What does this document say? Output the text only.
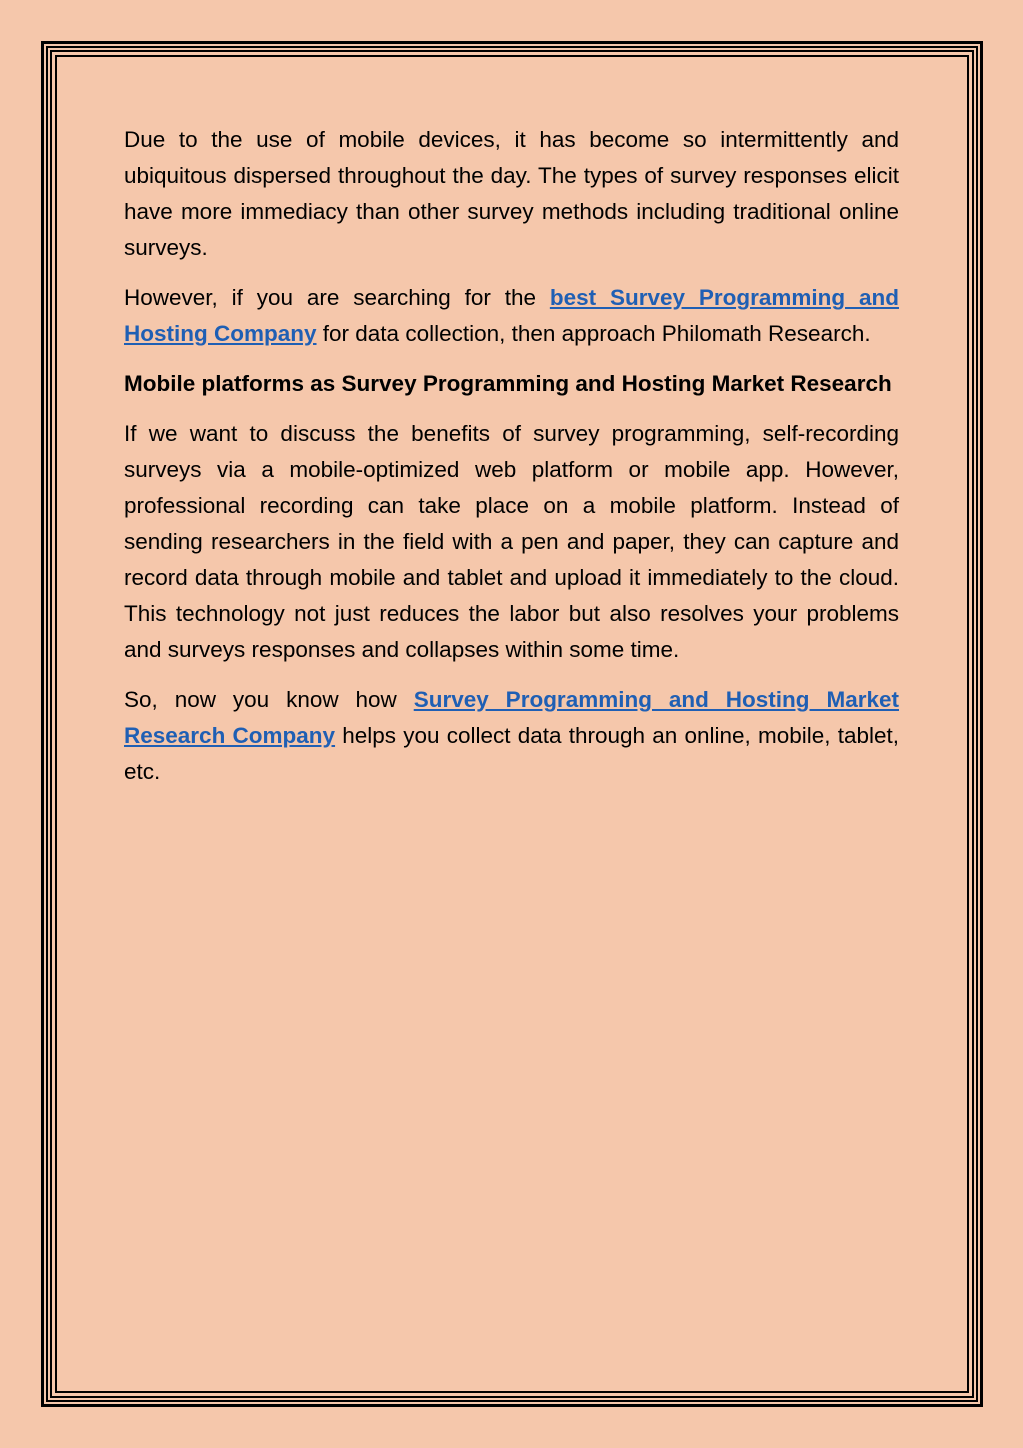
Due to the use of mobile devices, it has become so intermittently and ubiquitous dispersed throughout the day. The types of survey responses elicit have more immediacy than other survey methods including traditional online surveys.

However, if you are searching for the best Survey Programming and Hosting Company for data collection, then approach Philomath Research.

Mobile platforms as Survey Programming and Hosting Market Research

If we want to discuss the benefits of survey programming, self-recording surveys via a mobile-optimized web platform or mobile app. However, professional recording can take place on a mobile platform. Instead of sending researchers in the field with a pen and paper, they can capture and record data through mobile and tablet and upload it immediately to the cloud. This technology not just reduces the labor but also resolves your problems and surveys responses and collapses within some time.

So, now you know how Survey Programming and Hosting Market Research Company helps you collect data through an online, mobile, tablet, etc.
